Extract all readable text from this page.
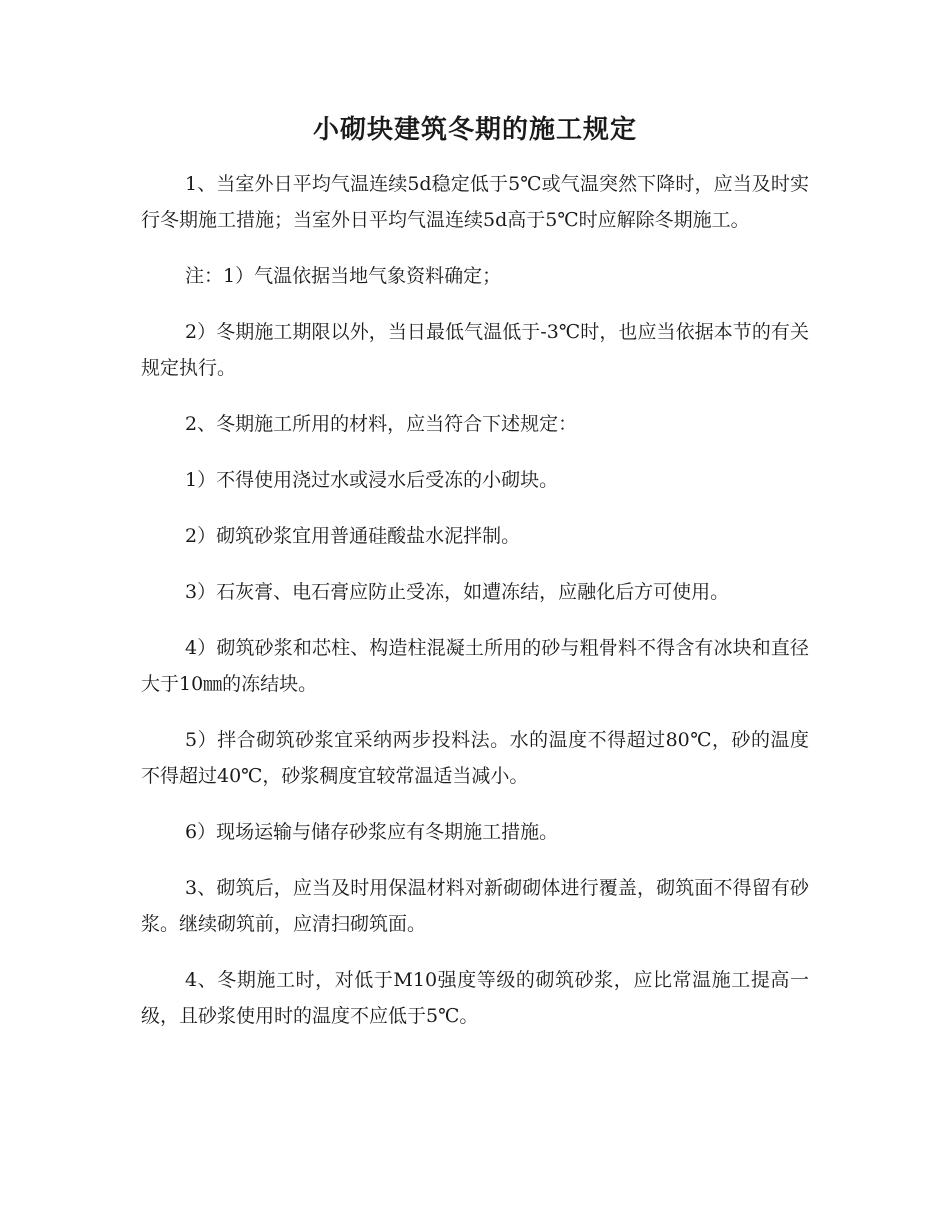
小砌块建筑冬期的施工规定

1、当室外日平均气温连续5d稳定低于5℃或气温突然下降时，应当及时实行冬期施工措施；当室外日平均气温连续5d高于5℃时应解除冬期施工。

注：1）气温依据当地气象资料确定；

2）冬期施工期限以外，当日最低气温低于-3℃时，也应当依据本节的有关规定执行。

2、冬期施工所用的材料，应当符合下述规定：

1）不得使用浇过水或浸水后受冻的小砌块。

2）砌筑砂浆宜用普通硅酸盐水泥拌制。

3）石灰膏、电石膏应防止受冻，如遭冻结，应融化后方可使用。

4）砌筑砂浆和芯柱、构造柱混凝土所用的砂与粗骨料不得含有冰块和直径大于10㎜的冻结块。

5）拌合砌筑砂浆宜采纳两步投料法。水的温度不得超过80℃，砂的温度不得超过40℃，砂浆稠度宜较常温适当减小。

6）现场运输与储存砂浆应有冬期施工措施。

3、砌筑后，应当及时用保温材料对新砌砌体进行覆盖，砌筑面不得留有砂浆。继续砌筑前，应清扫砌筑面。

4、冬期施工时，对低于M10强度等级的砌筑砂浆，应比常温施工提高一级，且砂浆使用时的温度不应低于5℃。
